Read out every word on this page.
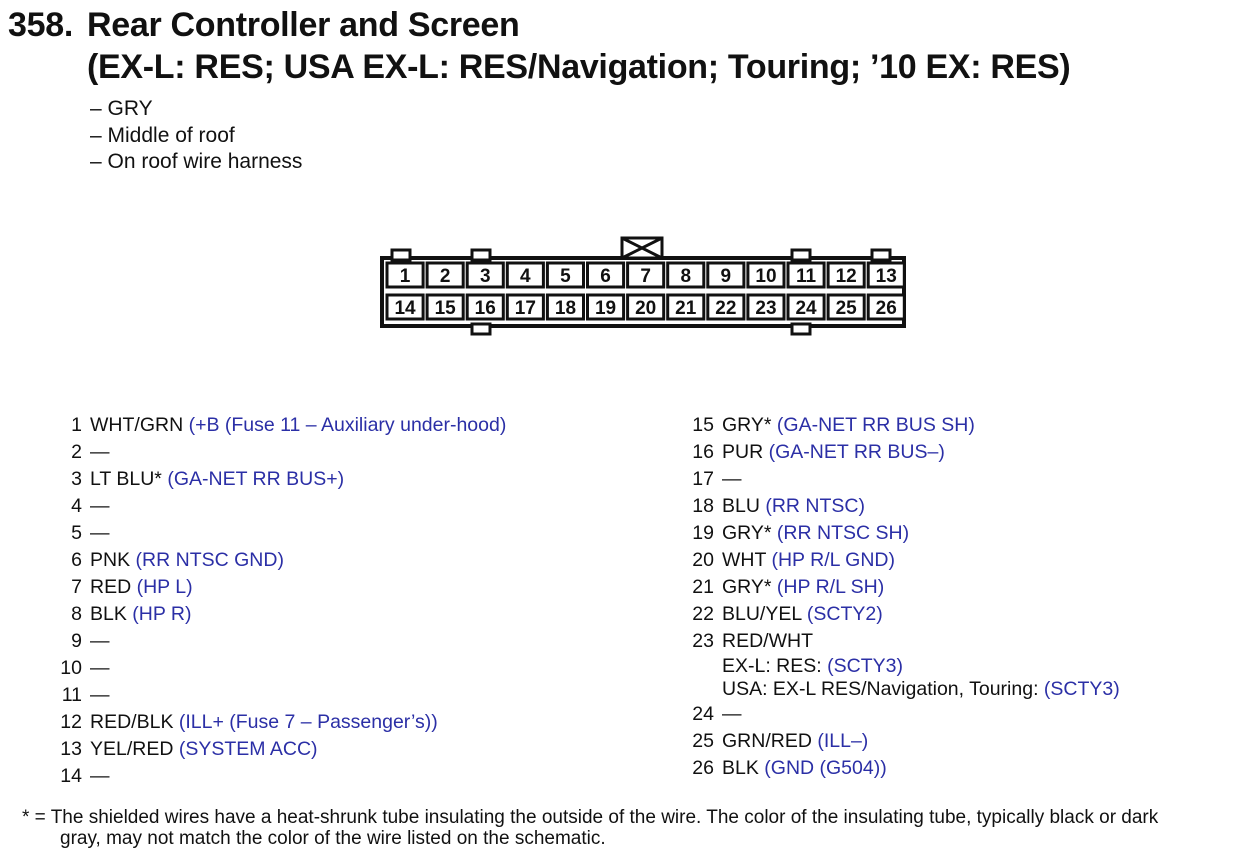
358. Rear Controller and Screen
(EX-L: RES; USA EX-L: RES/Navigation; Touring; ’10 EX: RES)
– GRY
– Middle of roof
– On roof wire harness
1 2 3 4 5 6 7 8 9 10 11 12 13
14 15 16 17 18 19 20 21 22 23 24 25 26
1 WHT/GRN (+B (Fuse 11 – Auxiliary under-hood)
2 —
3 LT BLU* (GA-NET RR BUS+)
4 —
5 —
6 PNK (RR NTSC GND)
7 RED (HP L)
8 BLK (HP R)
9 —
10 —
11 —
12 RED/BLK (ILL+ (Fuse 7 – Passenger’s))
13 YEL/RED (SYSTEM ACC)
14 —
15 GRY* (GA-NET RR BUS SH)
16 PUR (GA-NET RR BUS–)
17 —
18 BLU (RR NTSC)
19 GRY* (RR NTSC SH)
20 WHT (HP R/L GND)
21 GRY* (HP R/L SH)
22 BLU/YEL (SCTY2)
23 RED/WHT
EX-L: RES: (SCTY3)
USA: EX-L RES/Navigation, Touring: (SCTY3)
24 —
25 GRN/RED (ILL–)
26 BLK (GND (G504))
* = The shielded wires have a heat-shrunk tube insulating the outside of the wire. The color of the insulating tube, typically black or dark
gray, may not match the color of the wire listed on the schematic.
